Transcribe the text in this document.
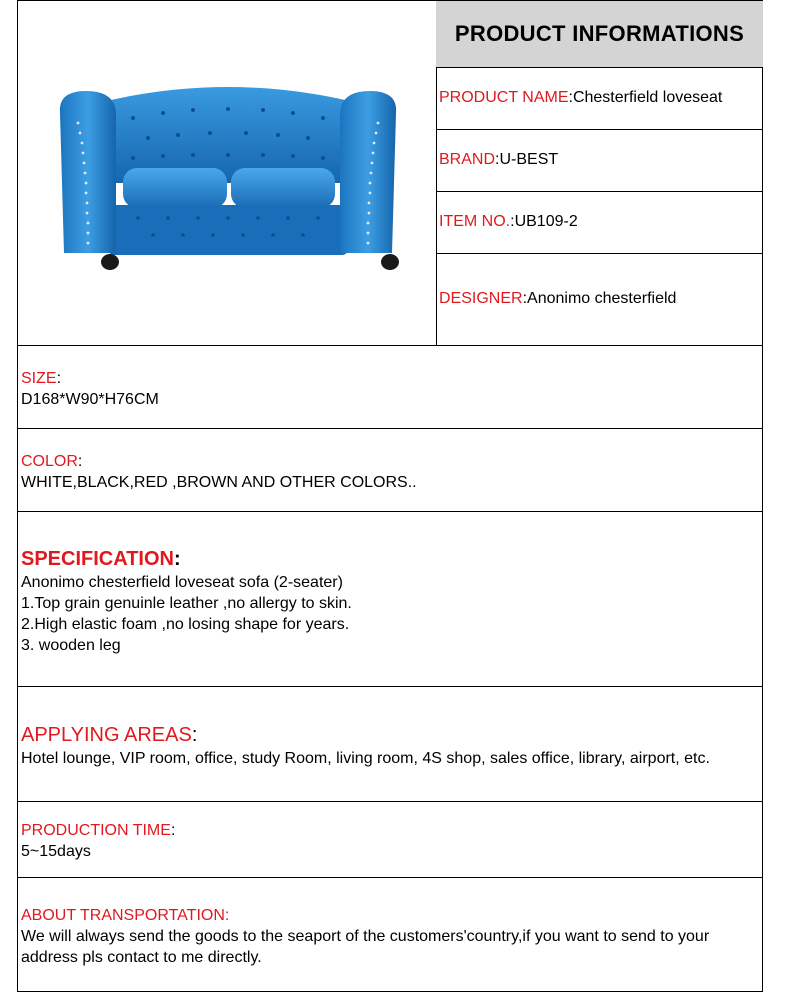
PRODUCT INFORMATIONS
PRODUCT NAME : Chesterfield loveseat
BRAND : U-BEST
ITEM NO. : UB109-2
DESIGNER : Anonimo chesterfield
SIZE:
D168*W90*H76CM
COLOR:
WHITE,BLACK,RED ,BROWN AND OTHER COLORS..
SPECIFICATION:
Anonimo chesterfield loveseat sofa (2-seater)
1.Top grain genuinle leather ,no allergy to skin.
2.High elastic foam ,no losing shape for years.
3. wooden leg
APPLYING AREAS:
Hotel lounge, VIP room, office, study Room, living room, 4S shop, sales office, library, airport, etc.
PRODUCTION TIME:
5~15days
ABOUT TRANSPORTATION:
We will always send the goods to the seaport of the customers'country,if you want to send to your
address pls contact to me directly.
